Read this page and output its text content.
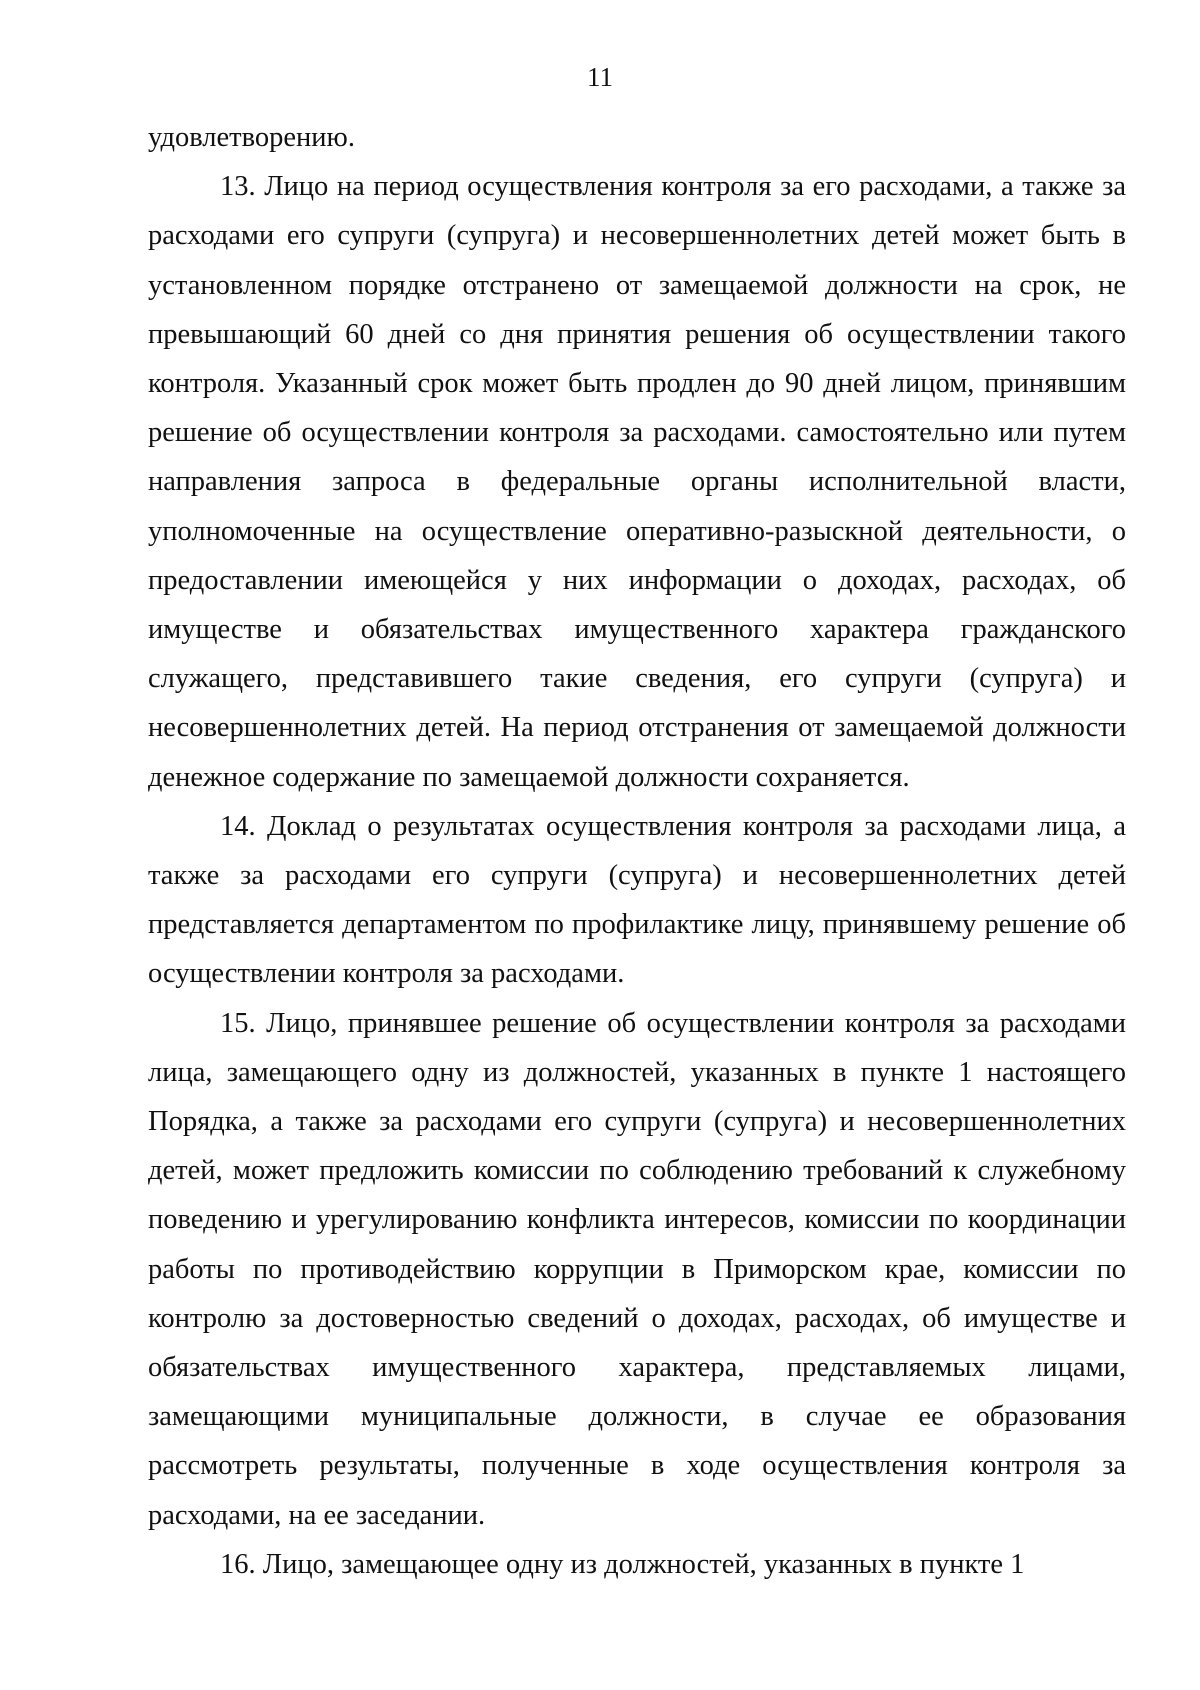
11

удовлетворению.

13. Лицо на период осуществления контроля за его расходами, а также за расходами его супруги (супруга) и несовершеннолетних детей может быть в установленном порядке отстранено от замещаемой должности на срок, не превышающий 60 дней со дня принятия решения об осуществлении такого контроля. Указанный срок может быть продлен до 90 дней лицом, принявшим решение об осуществлении контроля за расходами. самостоятельно или путем направления запроса в федеральные органы исполнительной власти, уполномоченные на осуществление оперативно-разыскной деятельности, о предоставлении имеющейся у них информации о доходах, расходах, об имуществе и обязательствах имущественного характера гражданского служащего, представившего такие сведения, его супруги (супруга) и несовершеннолетних детей. На период отстранения от замещаемой должности денежное содержание по замещаемой должности сохраняется.

14. Доклад о результатах осуществления контроля за расходами лица, а также за расходами его супруги (супруга) и несовершеннолетних детей представляется департаментом по профилактике лицу, принявшему решение об осуществлении контроля за расходами.

15. Лицо, принявшее решение об осуществлении контроля за расходами лица, замещающего одну из должностей, указанных в пункте 1 настоящего Порядка, а также за расходами его супруги (супруга) и несовершеннолетних детей, может предложить комиссии по соблюдению требований к служебному поведению и урегулированию конфликта интересов, комиссии по координации работы по противодействию коррупции в Приморском крае, комиссии по контролю за достоверностью сведений о доходах, расходах, об имуществе и обязательствах имущественного характера, представляемых лицами, замещающими муниципальные должности, в случае ее образования рассмотреть результаты, полученные в ходе осуществления контроля за расходами, на ее заседании.

16. Лицо, замещающее одну из должностей, указанных в пункте 1
